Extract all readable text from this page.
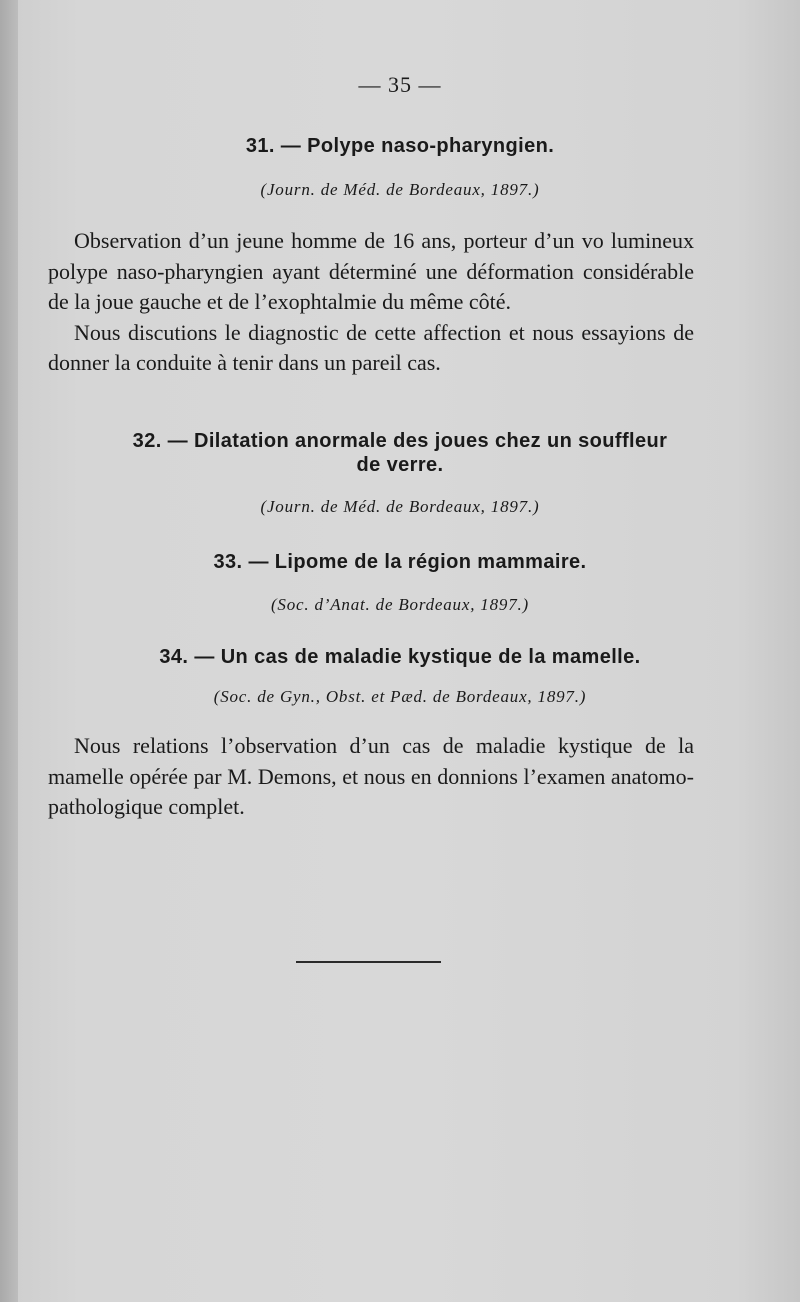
— 35 —
31. — Polype naso-pharyngien.
(Journ. de Méd. de Bordeaux, 1897.)

Observation d’un jeune homme de 16 ans, porteur d’un vo lumineux polype naso-pharyngien ayant déterminé une déformation considérable de la joue gauche et de l’exophtalmie du même côté.

Nous discutions le diagnostic de cette affection et nous essayions de donner la conduite à tenir dans un pareil cas.

32. — Dilatation anormale des joues chez un souffleur
de verre.
(Journ. de Méd. de Bordeaux, 1897.)
33. — Lipome de la région mammaire.
(Soc. d’Anat. de Bordeaux, 1897.)
34. — Un cas de maladie kystique de la mamelle.
(Soc. de Gyn., Obst. et Pæd. de Bordeaux, 1897.)

Nous relations l’observation d’un cas de maladie kystique de la mamelle opérée par M. Demons, et nous en donnions l’examen anatomo-pathologique complet.
